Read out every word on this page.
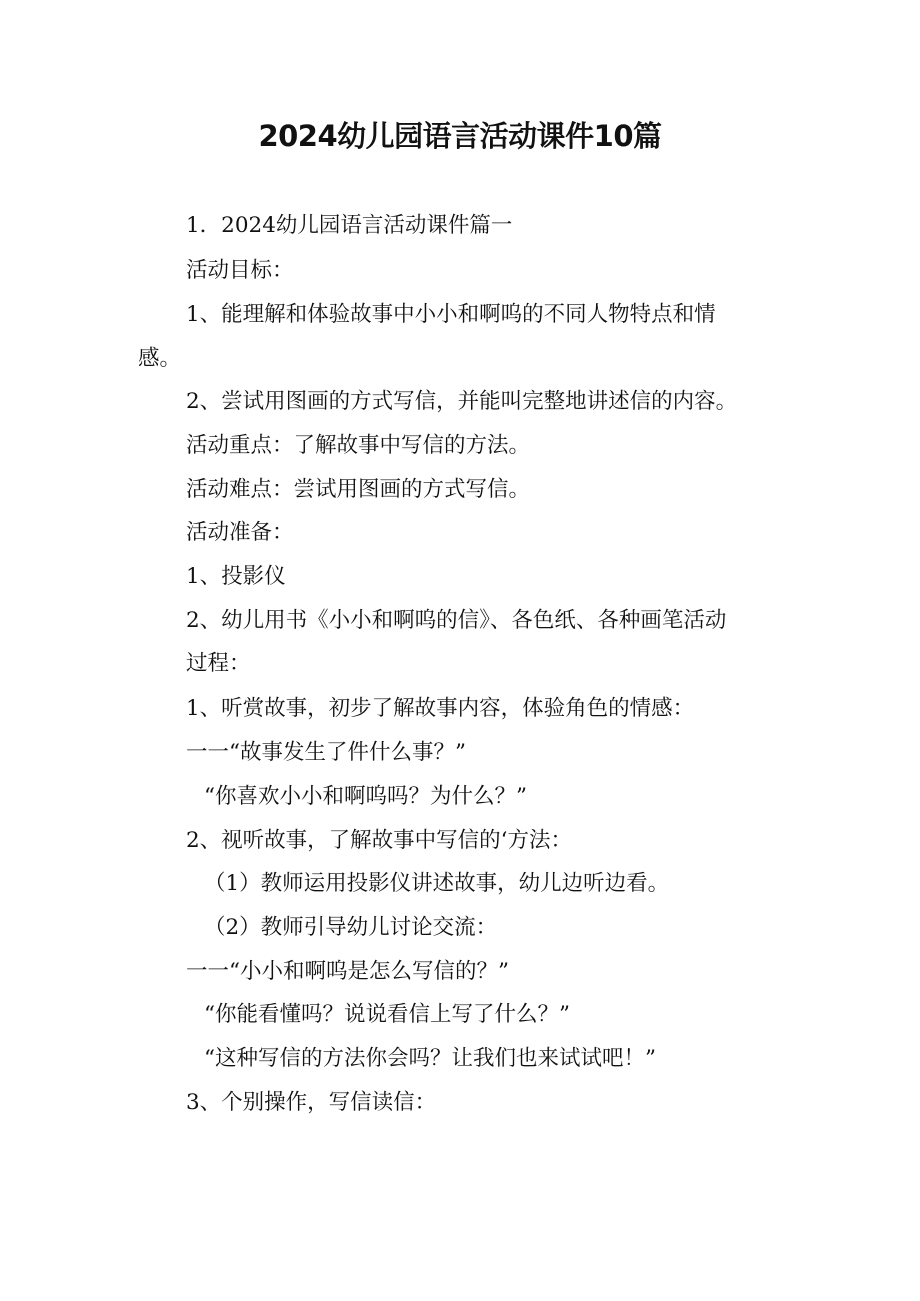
2024幼儿园语言活动课件10篇

1．2024幼儿园语言活动课件篇一

活动目标：

1、能理解和体验故事中小小和啊呜的不同人物特点和情

感。

2、尝试用图画的方式写信，并能叫完整地讲述信的内容。

活动重点：了解故事中写信的方法。

活动难点：尝试用图画的方式写信。

活动准备：

1、投影仪

2、幼儿用书《小小和啊呜的信》、各色纸、各种画笔活动

过程：

1、听赏故事，初步了解故事内容，体验角色的情感：

一一“故事发生了件什么事？”

“你喜欢小小和啊呜吗？为什么？”

2、视听故事，了解故事中写信的‘方法：

（1）教师运用投影仪讲述故事，幼儿边听边看。

（2）教师引导幼儿讨论交流：

一一“小小和啊呜是怎么写信的？”

“你能看懂吗？说说看信上写了什么？”

“这种写信的方法你会吗？让我们也来试试吧！”

3、个别操作，写信读信：
